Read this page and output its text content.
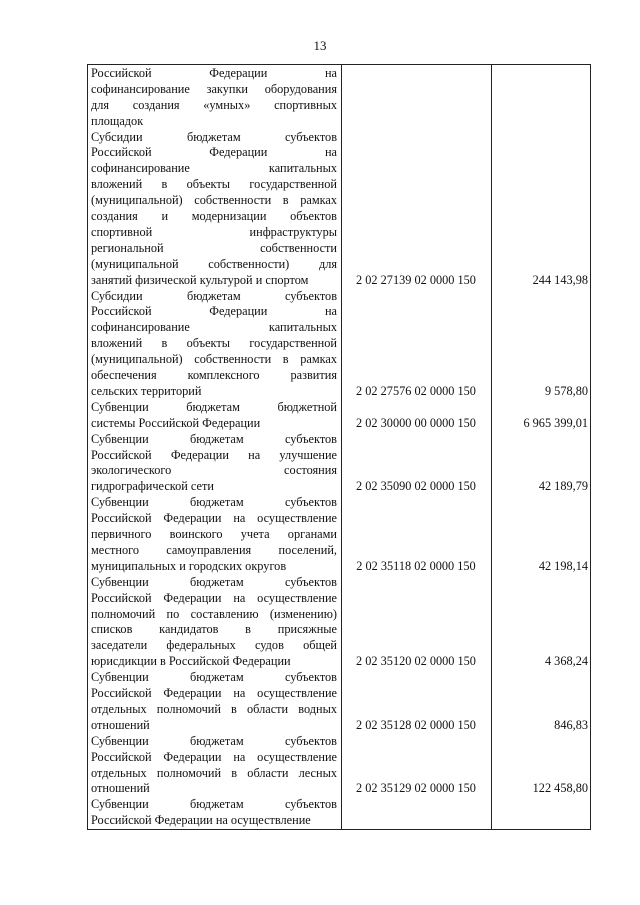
13
Российской Федерации на
софинансирование закупки оборудования
для создания «умных» спортивных
площадок
Субсидии бюджетам субъектов
Российской Федерации на
софинансирование капитальных
вложений в объекты государственной
(муниципальной) собственности в рамках
создания и модернизации объектов
спортивной инфраструктуры
региональной собственности
(муниципальной собственности) для
занятий физической культурой и спортом	2 02 27139 02 0000 150	244 143,98
Субсидии бюджетам субъектов
Российской Федерации на
софинансирование капитальных
вложений в объекты государственной
(муниципальной) собственности в рамках
обеспечения комплексного развития
сельских территорий	2 02 27576 02 0000 150	9 578,80
Субвенции бюджетам бюджетной
системы Российской Федерации	2 02 30000 00 0000 150	6 965 399,01
Субвенции бюджетам субъектов
Российской Федерации на улучшение
экологического состояния
гидрографической сети	2 02 35090 02 0000 150	42 189,79
Субвенции бюджетам субъектов
Российской Федерации на осуществление
первичного воинского учета органами
местного самоуправления поселений,
муниципальных и городских округов	2 02 35118 02 0000 150	42 198,14
Субвенции бюджетам субъектов
Российской Федерации на осуществление
полномочий по составлению (изменению)
списков кандидатов в присяжные
заседатели федеральных судов общей
юрисдикции в Российской Федерации	2 02 35120 02 0000 150	4 368,24
Субвенции бюджетам субъектов
Российской Федерации на осуществление
отдельных полномочий в области водных
отношений	2 02 35128 02 0000 150	846,83
Субвенции бюджетам субъектов
Российской Федерации на осуществление
отдельных полномочий в области лесных
отношений	2 02 35129 02 0000 150	122 458,80
Субвенции бюджетам субъектов
Российской Федерации на осуществление
